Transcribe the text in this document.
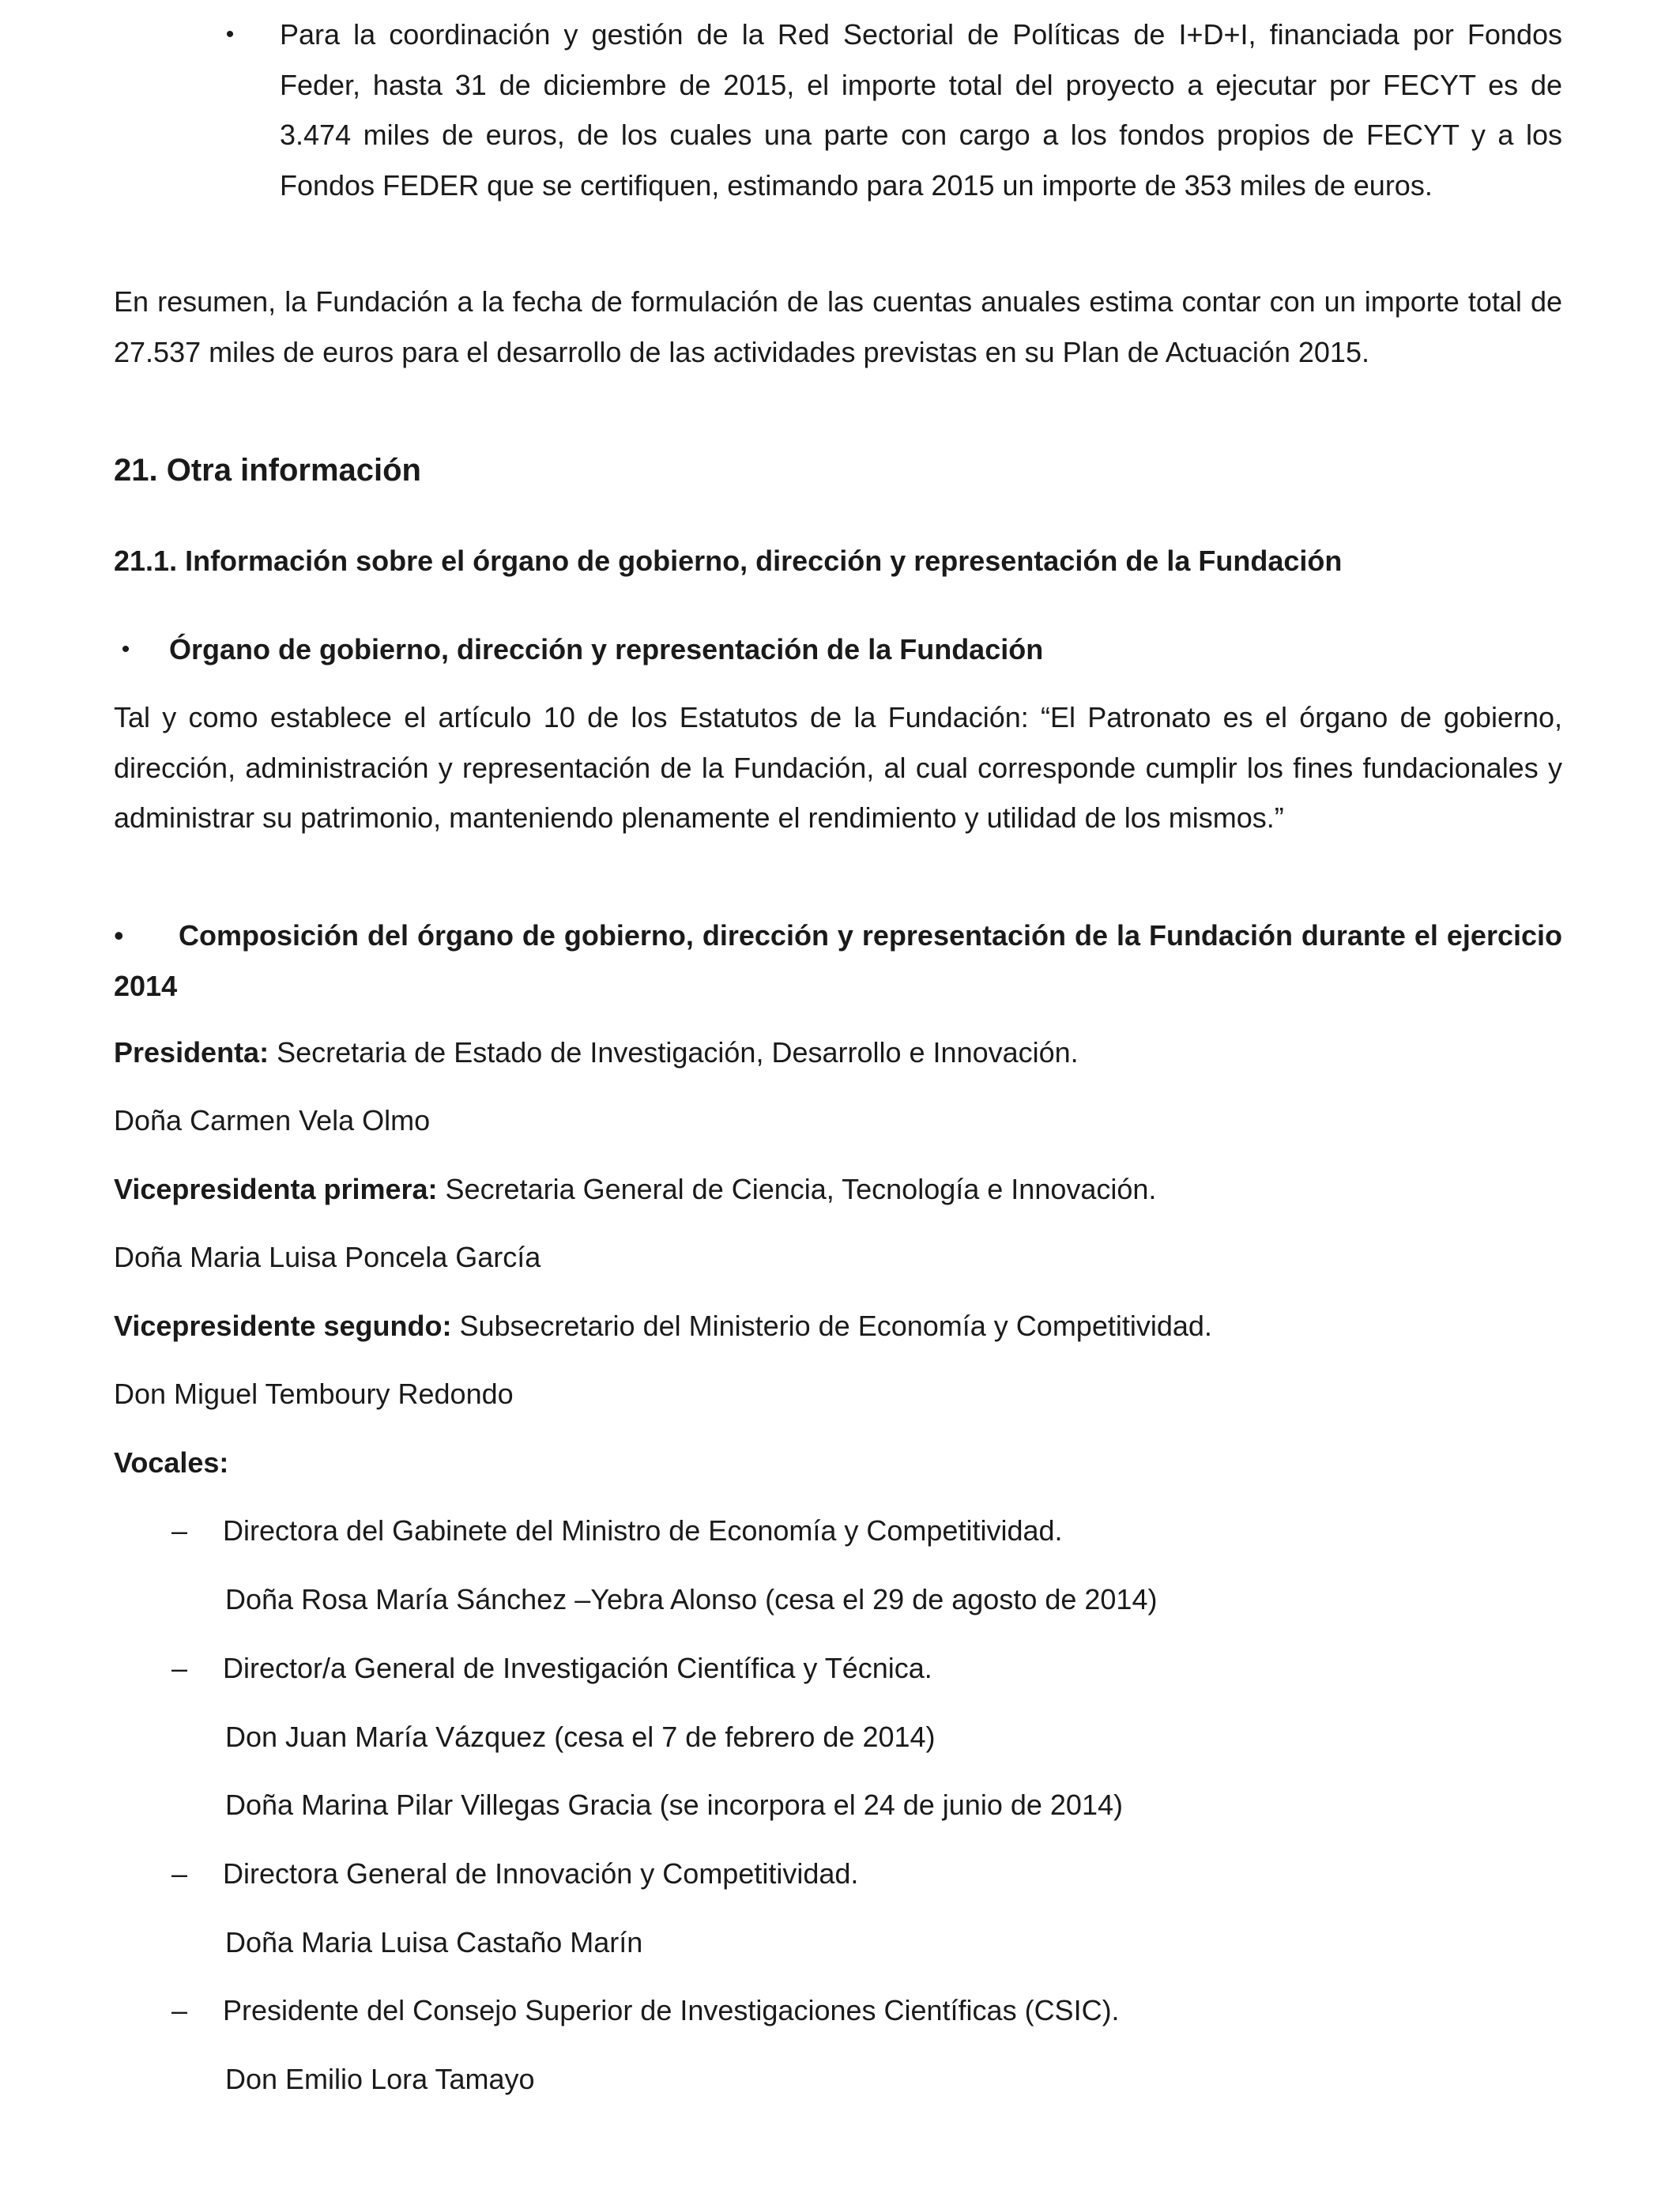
• Para la coordinación y gestión de la Red Sectorial de Políticas de I+D+I, financiada por Fondos Feder, hasta 31 de diciembre de 2015, el importe total del proyecto a ejecutar por FECYT es de 3.474 miles de euros, de los cuales una parte con cargo a los fondos propios de FECYT y a los Fondos FEDER que se certifiquen, estimando para 2015 un importe de 353 miles de euros.

En resumen, la Fundación a la fecha de formulación de las cuentas anuales estima contar con un importe total de 27.537 miles de euros para el desarrollo de las actividades previstas en su Plan de Actuación 2015.

21. Otra información
21.1. Información sobre el órgano de gobierno, dirección y representación de la Fundación
• Órgano de gobierno, dirección y representación de la Fundación

Tal y como establece el artículo 10 de los Estatutos de la Fundación: “El Patronato es el órgano de gobierno, dirección, administración y representación de la Fundación, al cual corresponde cumplir los fines fundacionales y administrar su patrimonio, manteniendo plenamente el rendimiento y utilidad de los mismos.”

• Composición del órgano de gobierno, dirección y representación de la Fundación durante el ejercicio 2014

Presidenta: Secretaria de Estado de Investigación, Desarrollo e Innovación.

Doña Carmen Vela Olmo

Vicepresidenta primera: Secretaria General de Ciencia, Tecnología e Innovación.

Doña Maria Luisa Poncela García

Vicepresidente segundo: Subsecretario del Ministerio de Economía y Competitividad.

Don Miguel Temboury Redondo

Vocales:

– Directora del Gabinete del Ministro de Economía y Competitividad.

Doña Rosa María Sánchez –Yebra Alonso (cesa el 29 de agosto de 2014)

– Director/a General de Investigación Científica y Técnica.

Don Juan María Vázquez (cesa el 7 de febrero de 2014)

Doña Marina Pilar Villegas Gracia (se incorpora el 24 de junio de 2014)

– Directora General de Innovación y Competitividad.

Doña Maria Luisa Castaño Marín

– Presidente del Consejo Superior de Investigaciones Científicas (CSIC).

Don Emilio Lora Tamayo
